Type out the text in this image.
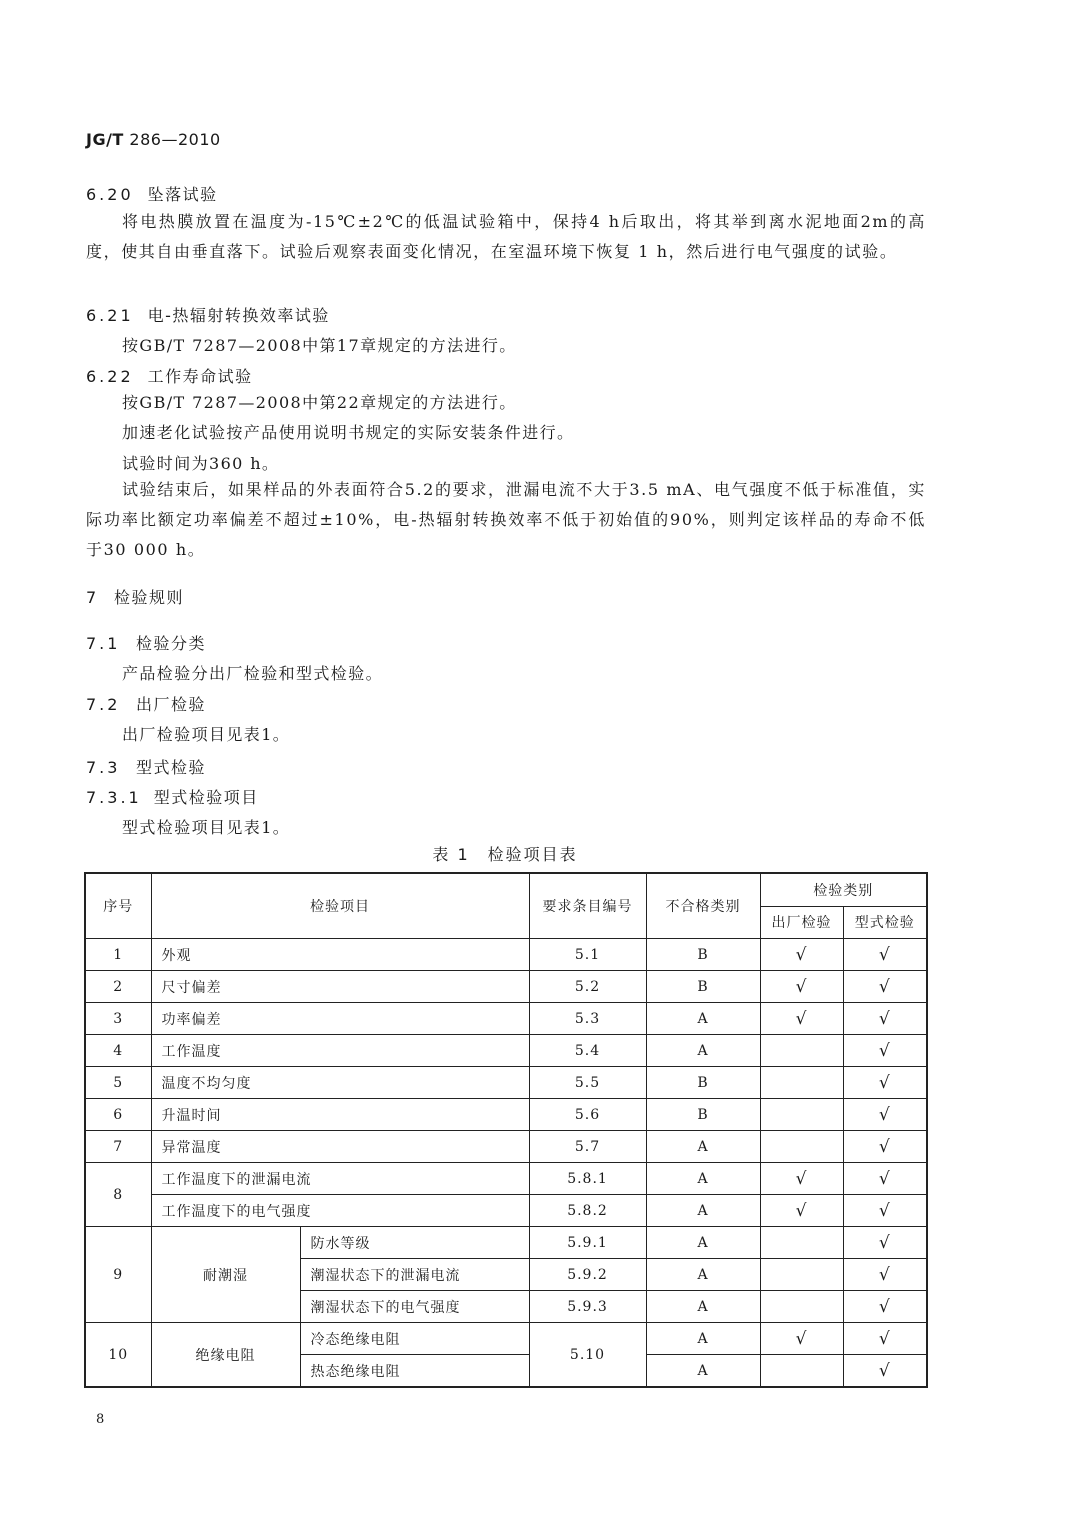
JG/T 286—2010
6.20 坠落试验

将电热膜放置在温度为-15℃±2℃的低温试验箱中，保持4 h后取出，将其举到离水泥地面2m的高度，使其自由垂直落下。试验后观察表面变化情况，在室温环境下恢复 1 h，然后进行电气强度的试验。

6.21 电-热辐射转换效率试验
按GB/T 7287—2008中第17章规定的方法进行。
6.22 工作寿命试验
按GB/T 7287—2008中第22章规定的方法进行。
加速老化试验按产品使用说明书规定的实际安装条件进行。
试验时间为360 h。

试验结束后，如果样品的外表面符合5.2的要求，泄漏电流不大于3.5 mA、电气强度不低于标准值，实际功率比额定功率偏差不超过±10%，电-热辐射转换效率不低于初始值的90%，则判定该样品的寿命不低于30 000 h。

7 检验规则
7.1 检验分类
产品检验分出厂检验和型式检验。
7.2 出厂检验
出厂检验项目见表1。
7.3 型式检验
7.3.1 型式检验项目
型式检验项目见表1。
表 1　检验项目表
序号	检验项目		要求条目编号	不合格类别	检验类别	
					出厂检验	型式检验
1	外观		5.1	B	√	√
2	尺寸偏差		5.2	B	√	√
3	功率偏差		5.3	A	√	√
4	工作温度		5.4	A		√
5	温度不均匀度		5.5	B		√
6	升温时间		5.6	B		√
7	异常温度		5.7	A		√
8	工作温度下的泄漏电流		5.8.1	A	√	√
	工作温度下的电气强度		5.8.2	A	√	√
9	耐潮湿	防水等级	5.9.1	A		√
		潮湿状态下的泄漏电流	5.9.2	A		√
		潮湿状态下的电气强度	5.9.3	A		√
10	绝缘电阻	冷态绝缘电阻	5.10	A	√	√
		热态绝缘电阻		A		√
8
